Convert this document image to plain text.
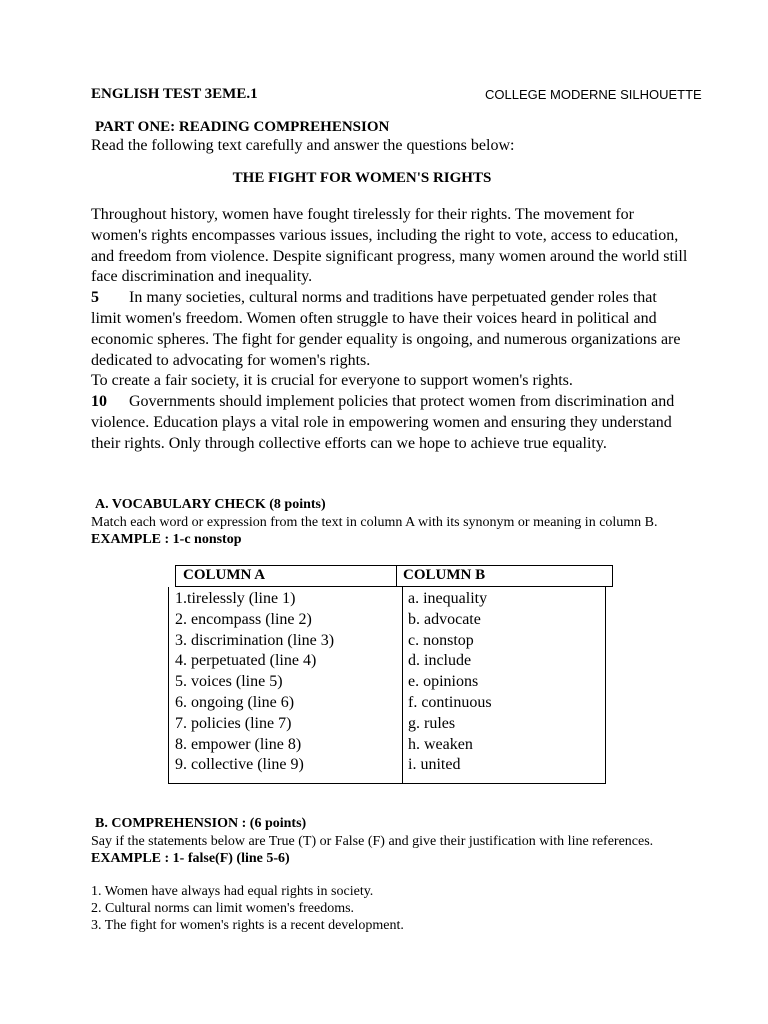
ENGLISH TEST 3EME.1	COLLEGE MODERNE SILHOUETTE
PART ONE: READING COMPREHENSION
Read the following text carefully and answer the questions below:
THE FIGHT FOR WOMEN'S RIGHTS

Throughout history, women have fought tirelessly for their rights. The movement for women's rights encompasses various issues, including the right to vote, access to education, and freedom from violence. Despite significant progress, many women around the world still face discrimination and inequality.

5 In many societies, cultural norms and traditions have perpetuated gender roles that limit women's freedom. Women often struggle to have their voices heard in political and economic spheres. The fight for gender equality is ongoing, and numerous organizations are dedicated to advocating for women's rights.

To create a fair society, it is crucial for everyone to support women's rights.

10 Governments should implement policies that protect women from discrimination and violence. Education plays a vital role in empowering women and ensuring they understand their rights. Only through collective efforts can we hope to achieve true equality.

A. VOCABULARY CHECK (8 points)
Match each word or expression from the text in column A with its synonym or meaning in column B. EXAMPLE : 1-c nonstop
COLUMN A	COLUMN B
1.tirelessly (line 1)
2. encompass (line 2)
3. discrimination (line 3)
4. perpetuated (line 4)
5. voices (line 5)
6. ongoing (line 6)
7. policies (line 7)
8. empower (line 8)
9. collective (line 9)
a. inequality
b. advocate
c. nonstop
d. include
e. opinions
f. continuous
g. rules
h. weaken
i. united
B. COMPREHENSION : (6 points)
Say if the statements below are True (T) or False (F) and give their justification with line references. EXAMPLE : 1- false(F) (line 5-6)
1. Women have always had equal rights in society.
2. Cultural norms can limit women's freedoms.
3. The fight for women's rights is a recent development.
